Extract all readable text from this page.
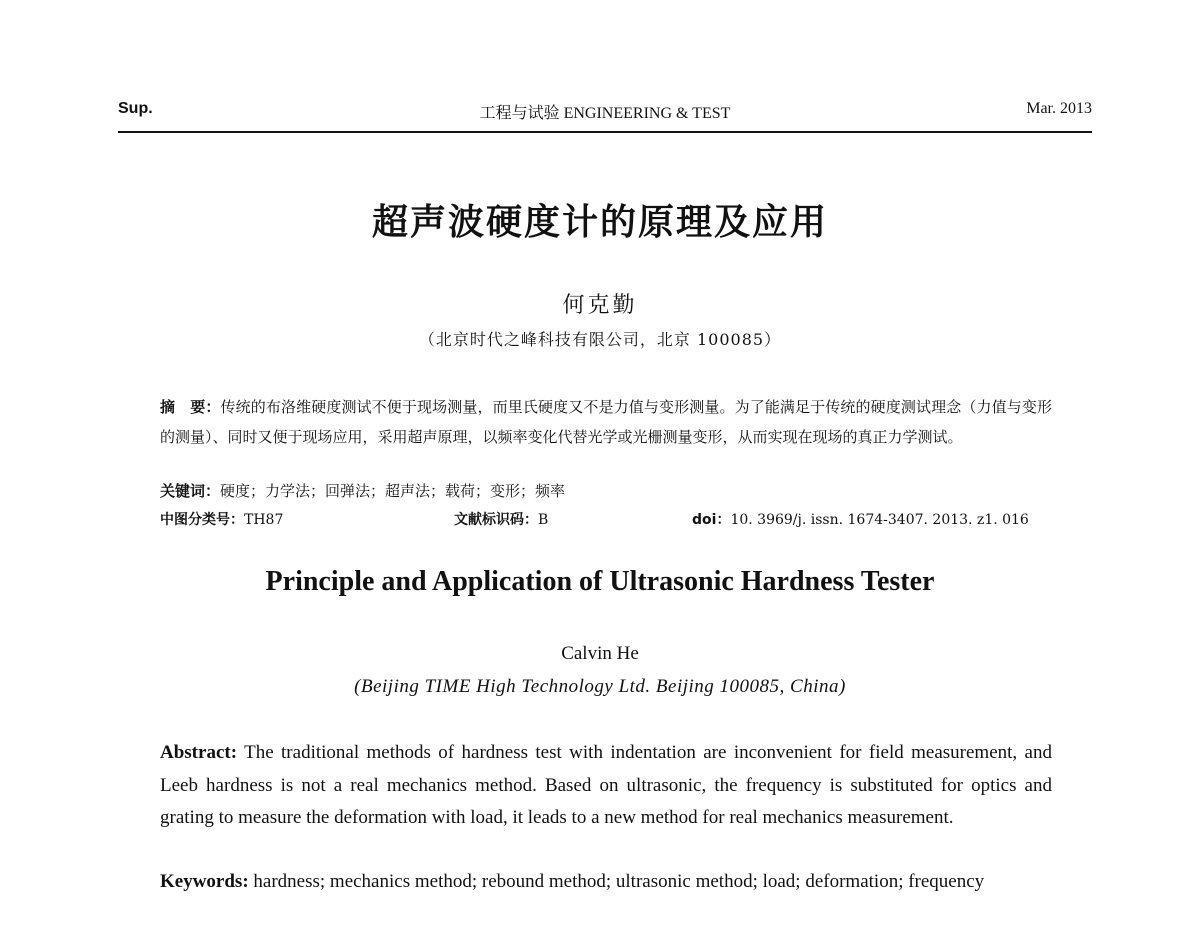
Sup.	工程与试验 ENGINEERING & TEST	Mar. 2013
超声波硬度计的原理及应用
何克勤
（北京时代之峰科技有限公司，北京 100085）
摘　要：传统的布洛维硬度测试不便于现场测量，而里氏硬度又不是力值与变形测量。为了能满足于传统的硬度测试理念（力值与变形的测量）、同时又便于现场应用，采用超声原理，以频率变化代替光学或光栅测量变形，从而实现在现场的真正力学测试。
关键词：硬度；力学法；回弹法；超声法；载荷；变形；频率
中图分类号：TH87	文献标识码：B	doi：10. 3969/j. issn. 1674-3407. 2013. z1. 016
Principle and Application of Ultrasonic Hardness Tester
Calvin He
(Beijing TIME High Technology Ltd. Beijing 100085, China)
Abstract: The traditional methods of hardness test with indentation are inconvenient for field measurement, and Leeb hardness is not a real mechanics method. Based on ultrasonic, the frequency is substituted for optics and grating to measure the deformation with load, it leads to a new method for real mechanics measurement.
Keywords: hardness; mechanics method; rebound method; ultrasonic method; load; deformation; frequency
